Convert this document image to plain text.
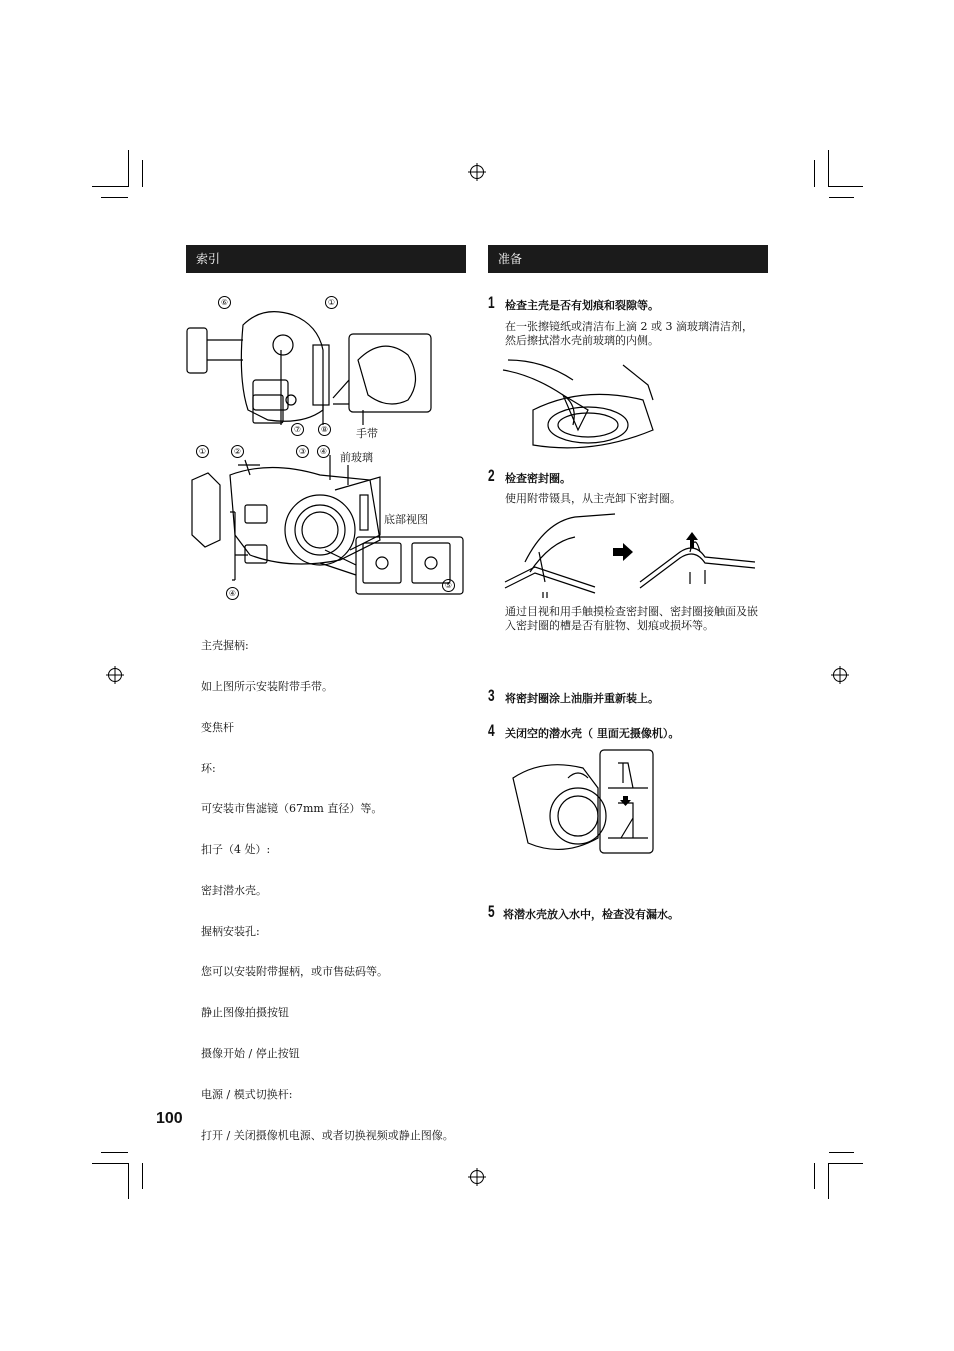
索引	准备
⑥	①
⑦	⑧	手带
①	②	③	④
④
⑤
前玻璃
底部视图

主壳握柄:

如上图所示安装附带手带。

变焦杆

环:

可安装市售滤镜（67mm 直径）等。

扣子（4 处）:

密封潜水壳。

握柄安装孔:

您可以安装附带握柄，或市售砝码等。

静止图像拍摄按钮

摄像开始 / 停止按钮

电源 / 模式切换杆:

打开 / 关闭摄像机电源、或者切换视频或静止图像。

1 检查主壳是否有划痕和裂隙等。
在一张擦镜纸或清洁布上滴 2 或 3 滴玻璃清洁剂，然后擦拭潜水壳前玻璃的内侧。
2 检查密封圈。
使用附带镊具，从主壳卸下密封圈。
通过目视和用手触摸检查密封圈、密封圈接触面及嵌入密封圈的槽是否有脏物、划痕或损坏等。
3 将密封圈涂上油脂并重新装上。
4 关闭空的潜水壳（ 里面无摄像机）。
5 将潜水壳放入水中，检查没有漏水。
100
